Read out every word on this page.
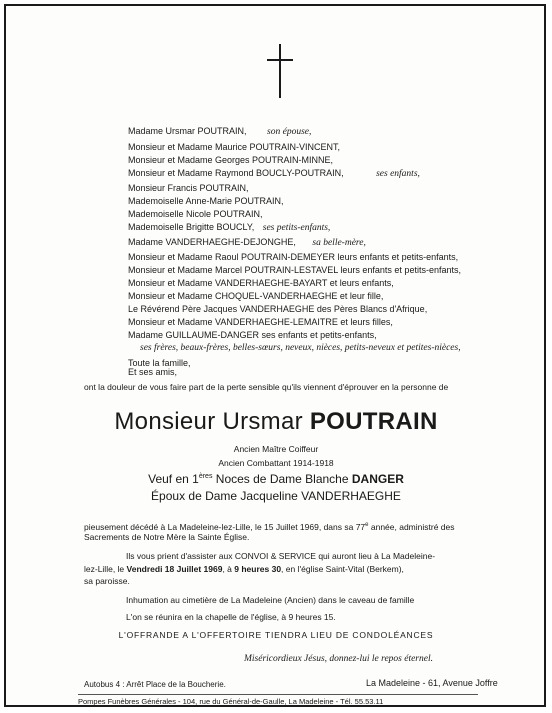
Madame Ursmar POUTRAIN, son épouse,
Monsieur et Madame Maurice POUTRAIN-VINCENT,
Monsieur et Madame Georges POUTRAIN-MINNE,
Monsieur et Madame Raymond BOUCLY-POUTRAIN,	ses enfants,
Monsieur Francis POUTRAIN,
Mademoiselle Anne-Marie POUTRAIN,
Mademoiselle Nicole POUTRAIN,
Mademoiselle Brigitte BOUCLY, ses petits-enfants,
Madame VANDERHAEGHE-DEJONGHE, sa belle-mère,
Monsieur et Madame Raoul POUTRAIN-DEMEYER leurs enfants et petits-enfants,
Monsieur et Madame Marcel POUTRAIN-LESTAVEL leurs enfants et petits-enfants,
Monsieur et Madame VANDERHAEGHE-BAYART et leurs enfants,
Monsieur et Madame CHOQUEL-VANDERHAEGHE et leur fille,
Le Révérend Père Jacques VANDERHAEGHE des Pères Blancs d'Afrique,
Monsieur et Madame VANDERHAEGHE-LEMAITRE et leurs filles,
Madame GUILLAUME-DANGER ses enfants et petits-enfants,
ses frères, beaux-frères, belles-sœurs, neveux, nièces, petits-neveux et petites-nièces,
Toute la famille,
Et ses amis,
ont la douleur de vous faire part de la perte sensible qu'ils viennent d'éprouver en la personne de
Monsieur Ursmar POUTRAIN
Ancien Maître Coiffeur
Ancien Combattant 1914-1918
Veuf en 1ères Noces de Dame Blanche DANGER
Époux de Dame Jacqueline VANDERHAEGHE
pieusement décédé à La Madeleine-lez-Lille, le 15 Juillet 1969, dans sa 77e année, administré des
Sacrements de Notre Mère la Sainte Église.
Ils vous prient d'assister aux CONVOI & SERVICE qui auront lieu à La Madeleine-
lez-Lille, le Vendredi 18 Juillet 1969, à 9 heures 30, en l'église Saint-Vital (Berkem),
sa paroisse.
Inhumation au cimetière de La Madeleine (Ancien) dans le caveau de famille
L'on se réunira en la chapelle de l'église, à 9 heures 15.
L'OFFRANDE A L'OFFERTOIRE TIENDRA LIEU DE CONDOLÉANCES
Miséricordieux Jésus, donnez-lui le repos éternel.
Autobus 4 : Arrêt Place de la Boucherie.	La Madeleine - 61, Avenue Joffre
Pompes Funèbres Générales - 104, rue du Général-de-Gaulle, La Madeleine - Tél. 55.53.11
